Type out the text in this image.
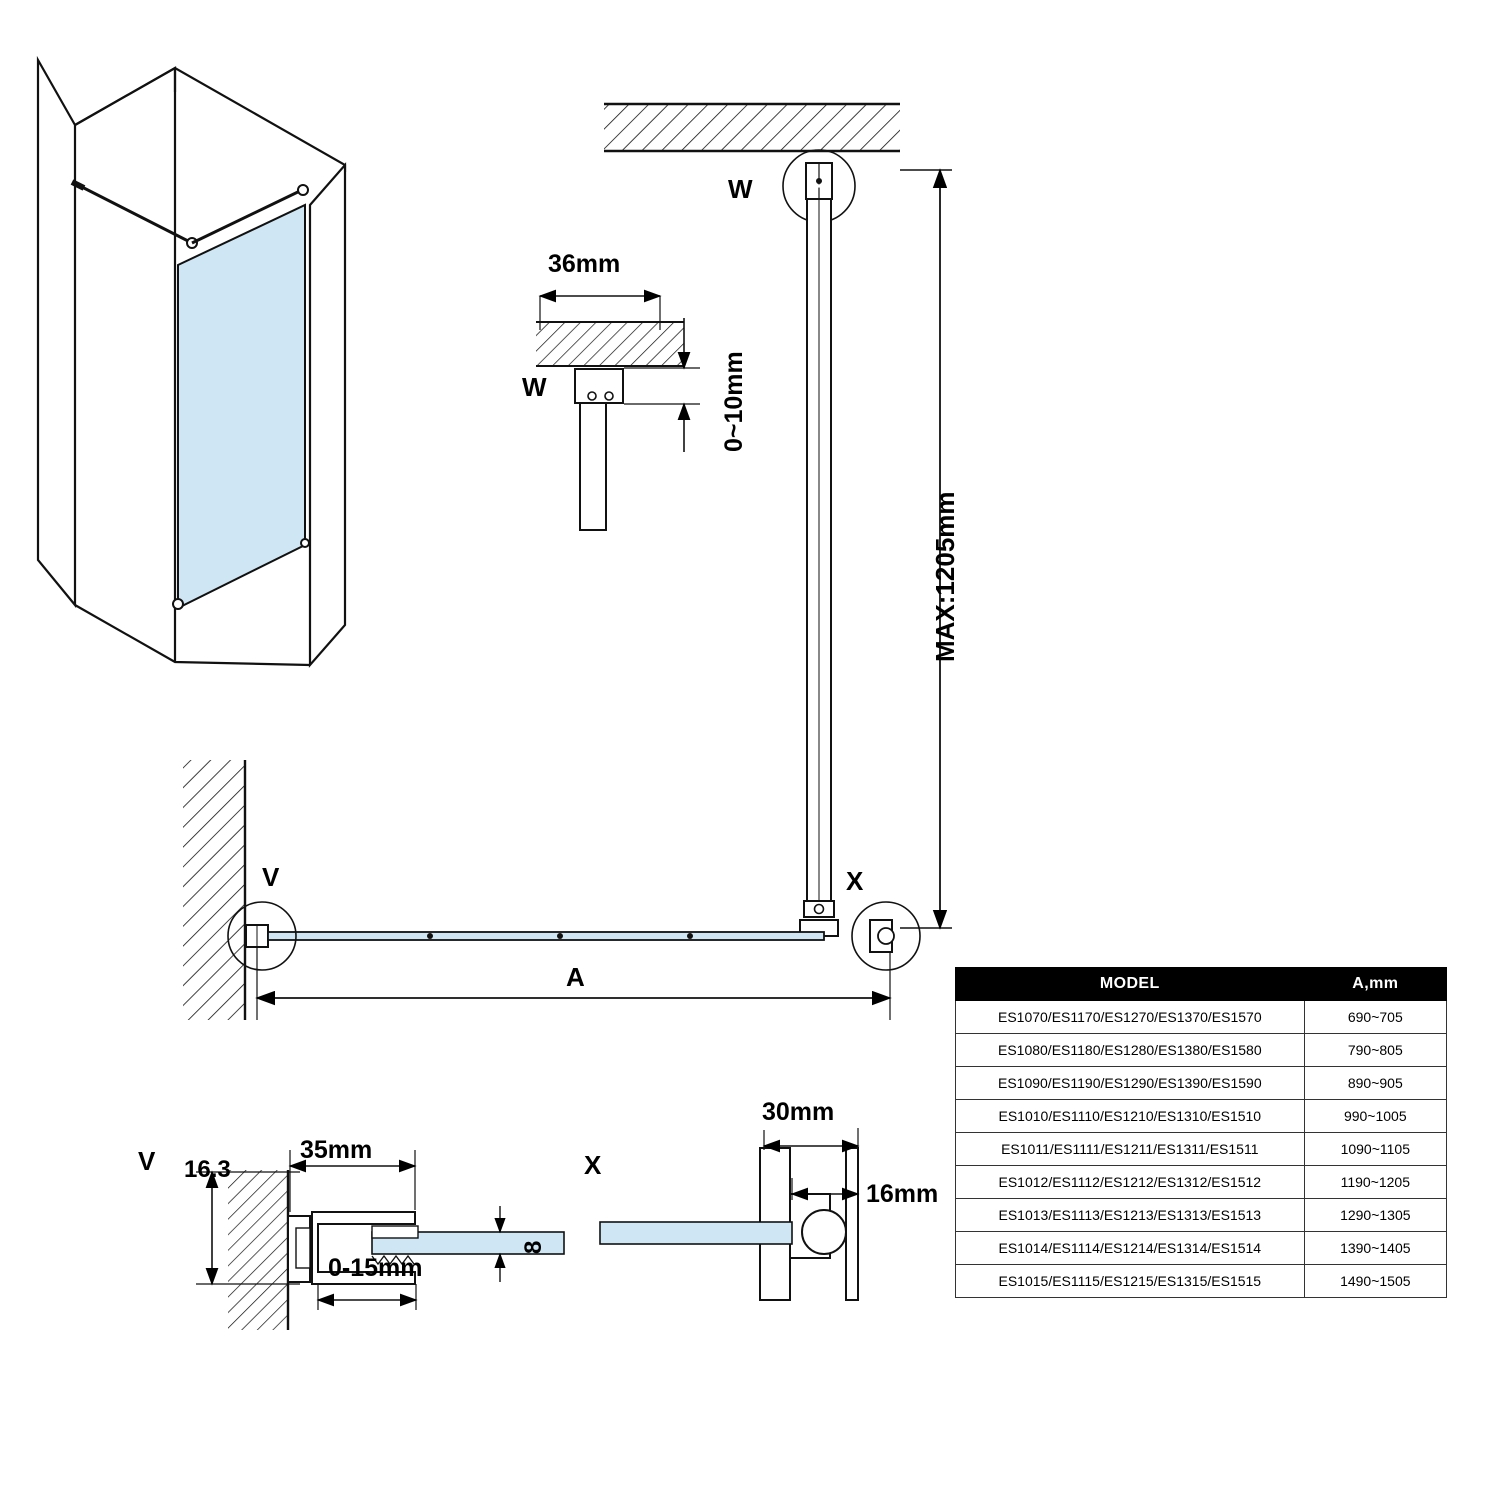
W
36mm
0~10mm
W
MAX:1205mm
V	X
A
V 16.3
35mm
8
0-15mm
X
30mm
16mm
MODEL	A,mm
ES1070/ES1170/ES1270/ES1370/ES1570	690~705
ES1080/ES1180/ES1280/ES1380/ES1580	790~805
ES1090/ES1190/ES1290/ES1390/ES1590	890~905
ES1010/ES1110/ES1210/ES1310/ES1510	990~1005
ES1011/ES1111/ES1211/ES1311/ES1511	1090~1105
ES1012/ES1112/ES1212/ES1312/ES1512	1190~1205
ES1013/ES1113/ES1213/ES1313/ES1513	1290~1305
ES1014/ES1114/ES1214/ES1314/ES1514	1390~1405
ES1015/ES1115/ES1215/ES1315/ES1515	1490~1505
